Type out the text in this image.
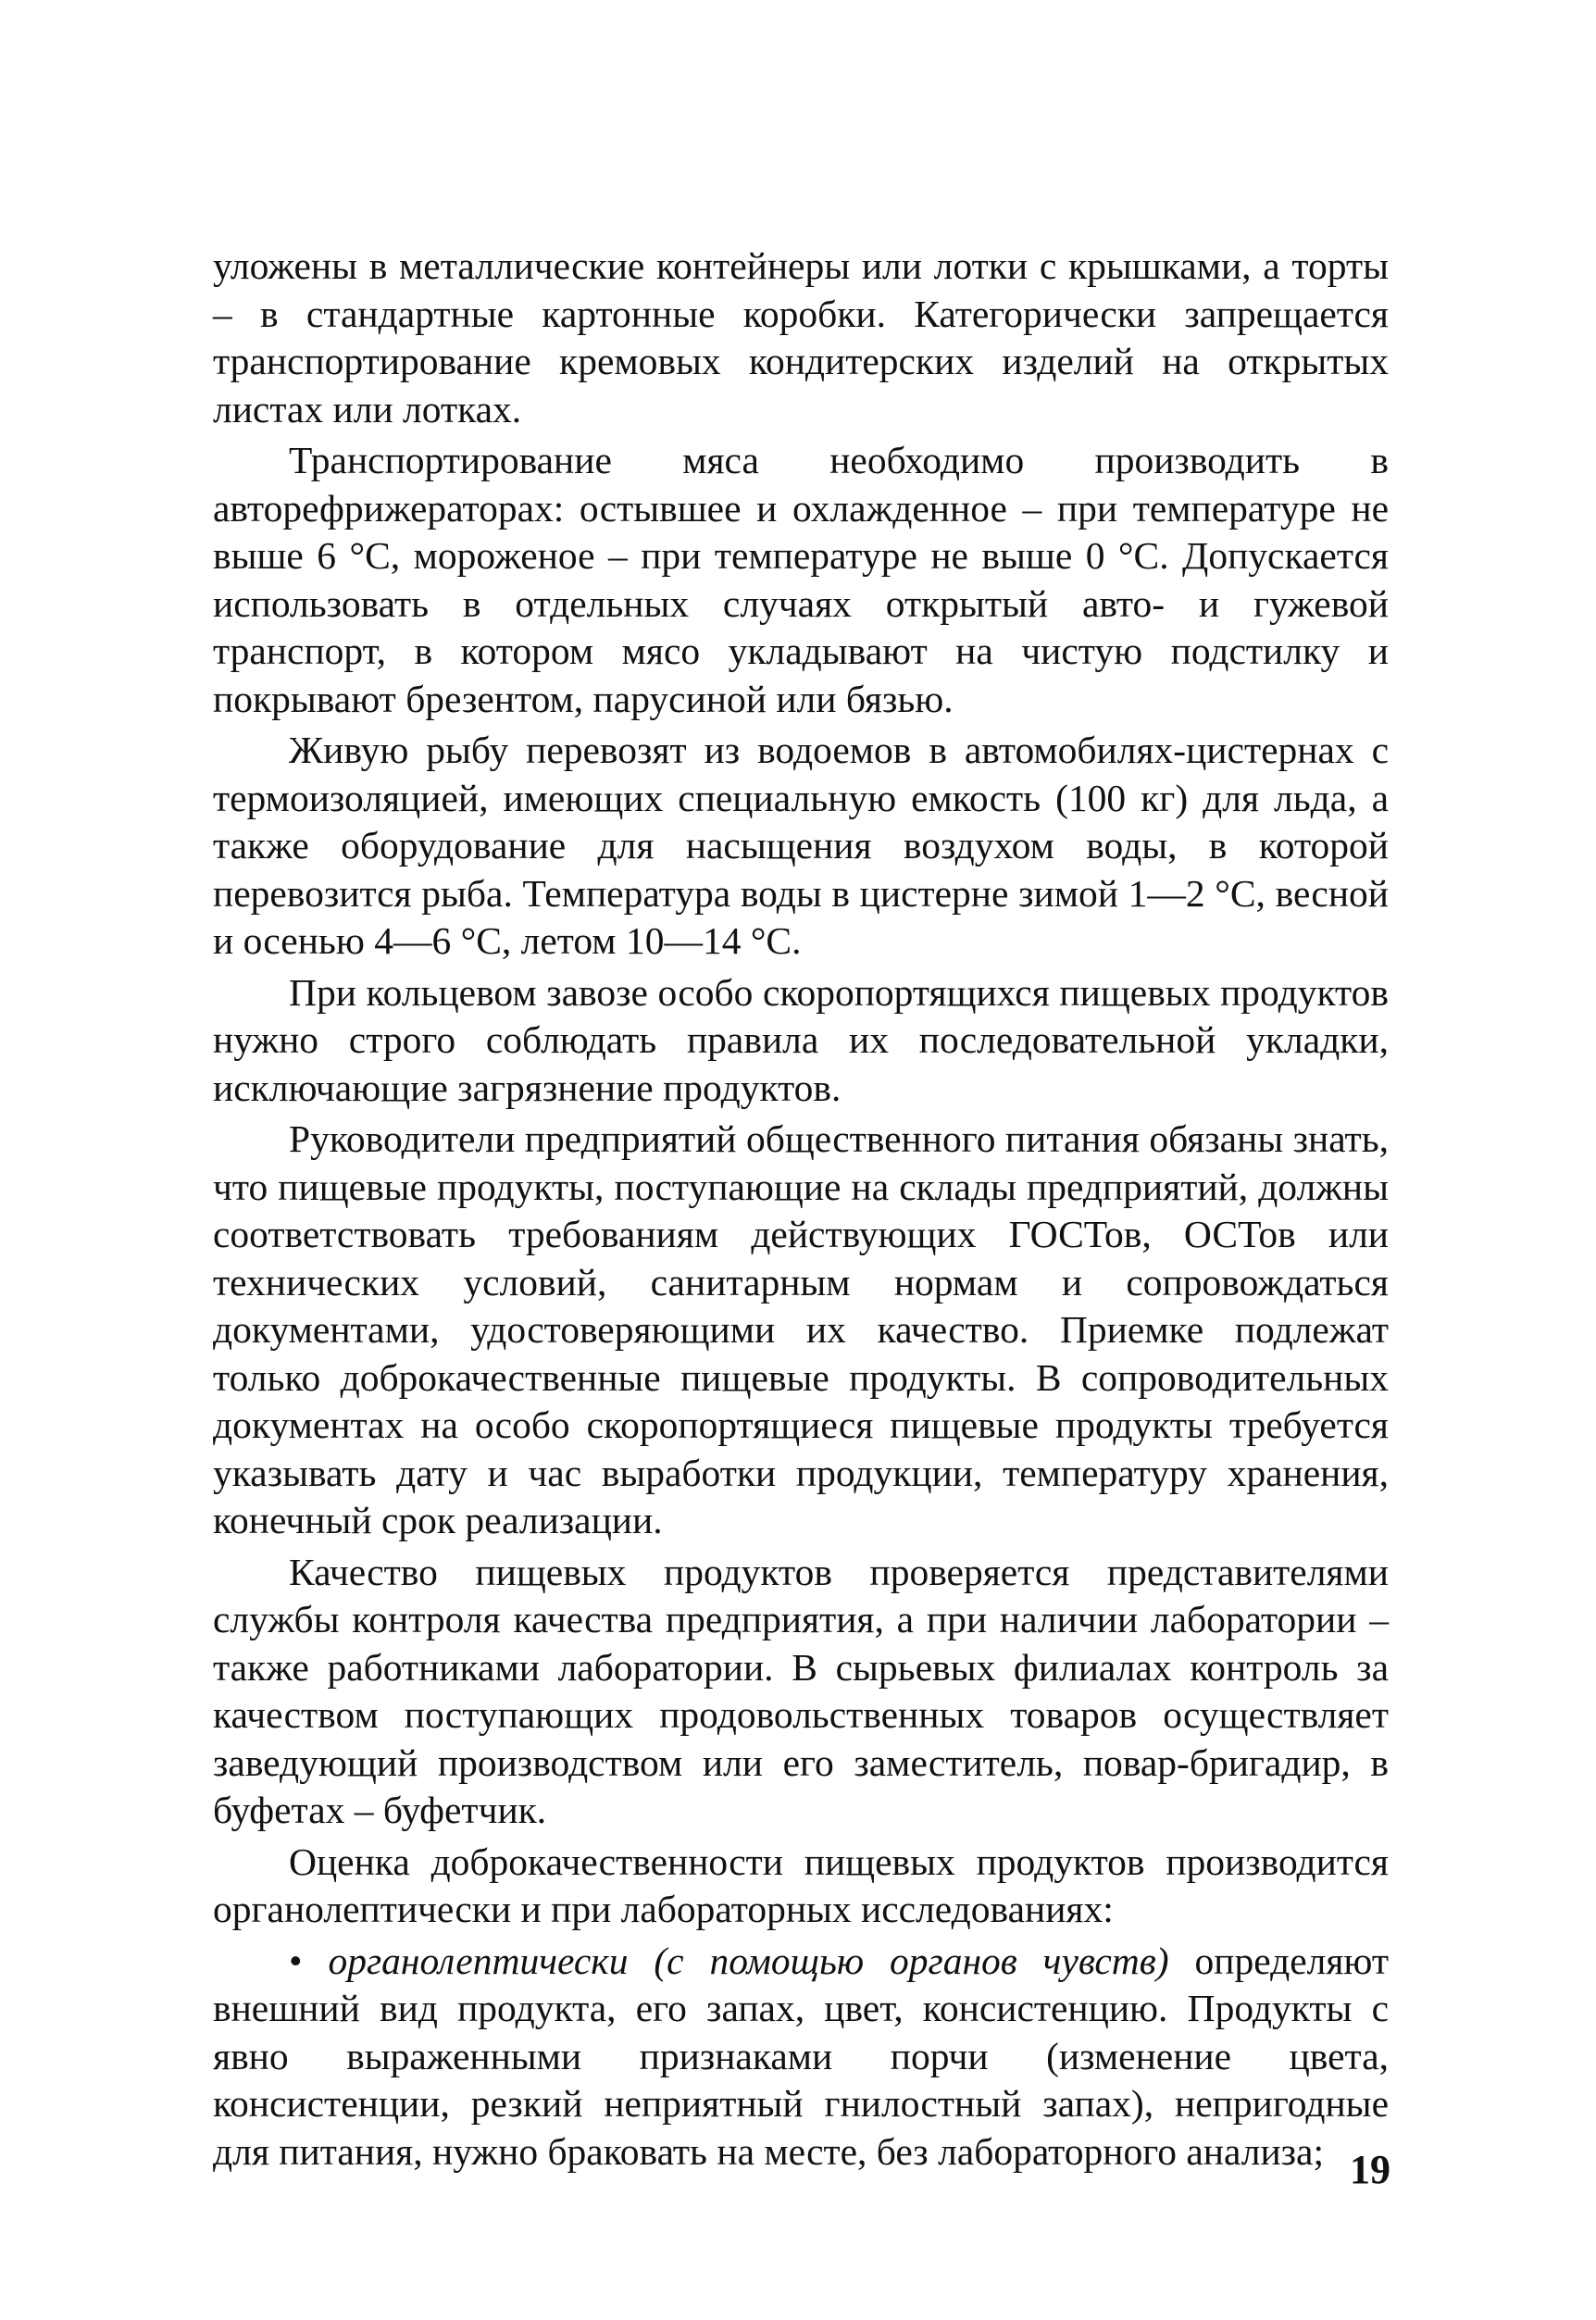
уложены в металлические контейнеры или лотки с крышками, а торты – в стандартные картонные коробки. Категорически запрещается транспортирование кремовых кондитерских изделий на открытых листах или лотках.

Транспортирование мяса необходимо производить в авторефрижераторах: остывшее и охлажденное – при температуре не выше 6 °С, мороженое – при температуре не выше 0 °С. Допускается использовать в отдельных случаях открытый авто- и гужевой транспорт, в котором мясо укладывают на чистую подстилку и покрывают брезентом, парусиной или бязью.

Живую рыбу перевозят из водоемов в автомобилях-цистернах с термоизоляцией, имеющих специальную емкость (100 кг) для льда, а также оборудование для насыщения воздухом воды, в которой перевозится рыба. Температура воды в цистерне зимой 1—2 °С, весной и осенью 4—6 °С, летом 10—14 °С.

При кольцевом завозе особо скоропортящихся пищевых продуктов нужно строго соблюдать правила их последовательной укладки, исключающие загрязнение продуктов.

Руководители предприятий общественного питания обязаны знать, что пищевые продукты, поступающие на склады предприятий, должны соответствовать требованиям действующих ГОСТов, ОСТов или технических условий, санитарным нормам и сопровождаться документами, удостоверяющими их качество. Приемке подлежат только доброкачественные пищевые продукты. В сопроводительных документах на особо скоропортящиеся пищевые продукты требуется указывать дату и час выработки продукции, температуру хранения, конечный срок реализации.

Качество пищевых продуктов проверяется представителями службы контроля качества предприятия, а при наличии лаборатории – также работниками лаборатории. В сырьевых филиалах контроль за качеством поступающих продовольственных товаров осуществляет заведующий производством или его заместитель, повар-бригадир, в буфетах – буфетчик.

Оценка доброкачественности пищевых продуктов производится органолептически и при лабораторных исследованиях:

• органолептически (с помощью органов чувств) определяют внешний вид продукта, его запах, цвет, консистенцию. Продукты с явно выраженными признаками порчи (изменение цвета, консистенции, резкий неприятный гнилостный запах), непригодные для питания, нужно браковать на месте, без лабораторного анализа; 19
